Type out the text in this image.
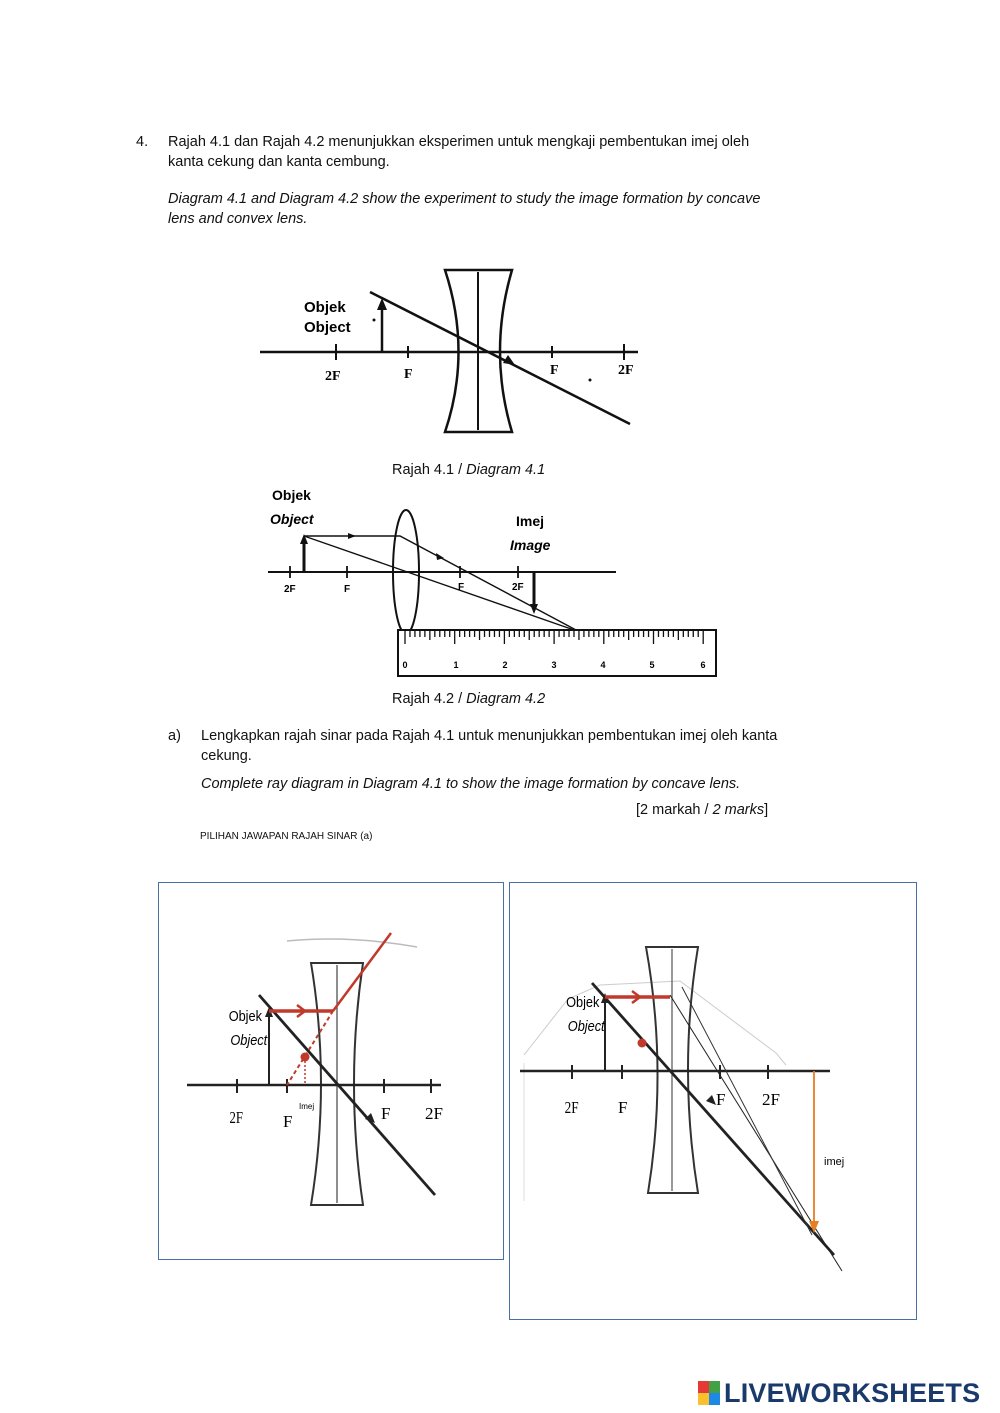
4. Rajah 4.1 dan Rajah 4.2 menunjukkan eksperimen untuk mengkaji pembentukan imej oleh kanta cekung dan kanta cembung.
Diagram 4.1 and Diagram 4.2 show the experiment to study the image formation by concave lens and convex lens.
Objek
Object
2F	F	F	2F
Rajah 4.1 / Diagram 4.1
Objek
Object	Imej
Image
2F	F	F	2F
0	1	2	3	4	5	6
Rajah 4.2 / Diagram 4.2
a) Lengkapkan rajah sinar pada Rajah 4.1 untuk menunjukkan pembentukan imej oleh kanta cekung.
Complete ray diagram in Diagram 4.1 to show the image formation by concave lens.
[2 markah / 2 marks]
PILIHAN JAWAPAN RAJAH SINAR (a)
Objek
Object
Imej
2F F	F 2F
imej
Objek
Object
2F F	F 2F
LIVEWORKSHEETS
